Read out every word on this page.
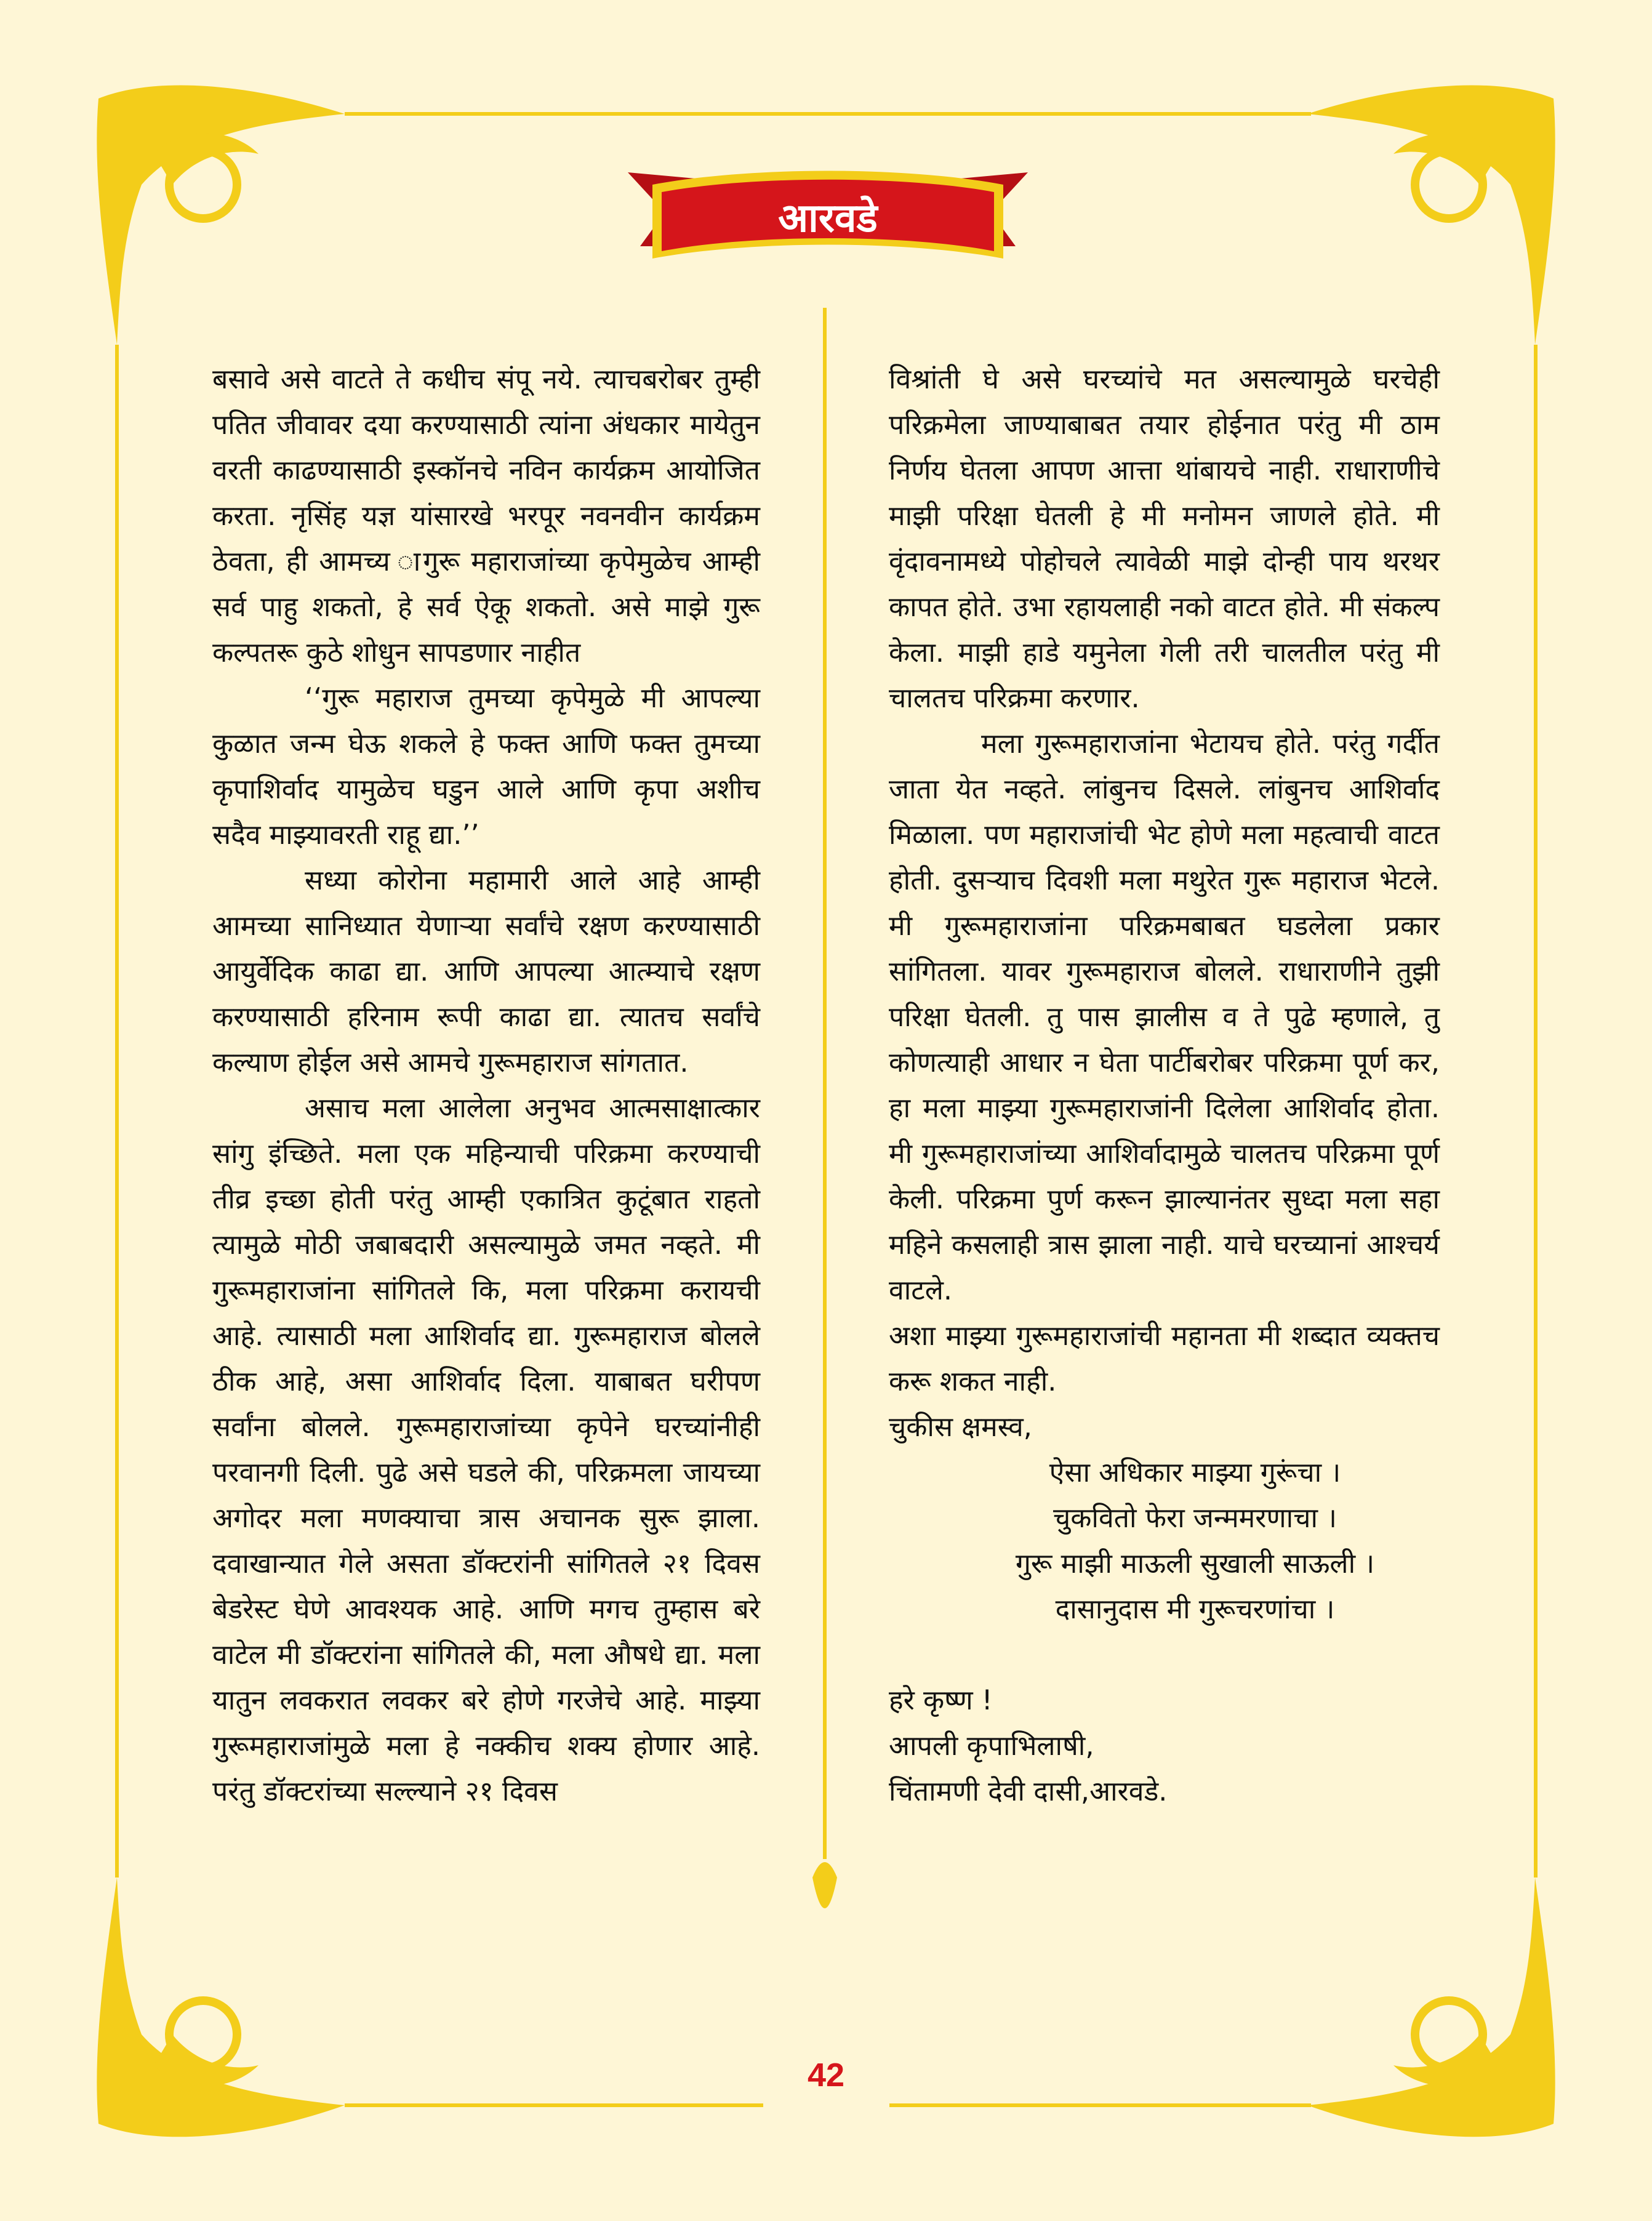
आरवडे

बसावे असे वाटते ते कधीच संपू नये. त्याचबरोबर तुम्ही पतित जीवावर दया करण्यासाठी त्यांना अंधकार मायेतुन वरती काढण्यासाठी इस्कॉनचे नविन कार्यक्रम आयोजित करता. नृसिंह यज्ञ यांसारखे भरपूर नवनवीन कार्यक्रम ठेवता, ही आमच्य ागुरू महाराजांच्या कृपेमुळेच आम्ही सर्व पाहु शकतो, हे सर्व ऐकू शकतो. असे माझे गुरू कल्पतरू कुठे शोधुन सापडणार नाहीत

‘‘गुरू महाराज तुमच्या कृपेमुळे मी आपल्या कुळात जन्म घेऊ शकले हे फक्त आणि फक्त तुमच्या कृपाशिर्वाद यामुळेच घडुन आले आणि कृपा अशीच सदैव माझ्यावरती राहू द्या.’’

सध्या कोरोना महामारी आले आहे आम्ही आमच्या सानिध्यात येणाऱ्या सर्वांचे रक्षण करण्यासाठी आयुर्वेदिक काढा द्या. आणि आपल्या आत्म्याचे रक्षण करण्यासाठी हरिनाम रूपी काढा द्या. त्यातच सर्वांचे कल्याण होईल असे आमचे गुरूमहाराज सांगतात.

असाच मला आलेला अनुभव आत्मसाक्षात्कार सांगु इंच्छिते. मला एक महिन्याची परिक्रमा करण्याची तीव्र इच्छा होती परंतु आम्ही एकात्रित कुटूंबात राहतो त्यामुळे मोठी जबाबदारी असल्यामुळे जमत नव्हते. मी गुरूमहाराजांना सांगितले कि, मला परिक्रमा करायची आहे. त्यासाठी मला आशिर्वाद द्या. गुरूमहाराज बोलले ठीक आहे, असा आशिर्वाद दिला. याबाबत घरीपण सर्वांना बोलले. गुरूमहाराजांच्या कृपेने घरच्यांनीही परवानगी दिली. पुढे असे घडले की, परिक्रमला जायच्या अगोदर मला मणक्याचा त्रास अचानक सुरू झाला. दवाखान्यात गेले असता डॉक्टरांनी सांगितले २१ दिवस बेडरेस्ट घेणे आवश्यक आहे. आणि मगच तुम्हास बरे वाटेल मी डॉक्टरांना सांगितले की, मला औषधे द्या. मला यातुन लवकरात लवकर बरे होणे गरजेचे आहे. माझ्या गुरूमहाराजांमुळे मला हे नक्कीच शक्य होणार आहे. परंतु डॉक्टरांच्या सल्ल्याने २१ दिवस

विश्रांती घे असे घरच्यांचे मत असल्यामुळे घरचेही परिक्रमेला जाण्याबाबत तयार होईनात परंतु मी ठाम निर्णय घेतला आपण आत्ता थांबायचे नाही. राधाराणीचे माझी परिक्षा घेतली हे मी मनोमन जाणले होते. मी वृंदावनामध्ये पोहोचले त्यावेळी माझे दोन्ही पाय थरथर कापत होते. उभा रहायलाही नको वाटत होते. मी संकल्प केला. माझी हाडे यमुनेला गेली तरी चालतील परंतु मी चालतच परिक्रमा करणार.

मला गुरूमहाराजांना भेटायच होते. परंतु गर्दीत जाता येत नव्हते. लांबुनच दिसले. लांबुनच आशिर्वाद मिळाला. पण महाराजांची भेट होणे मला महत्वाची वाटत होती. दुसऱ्याच दिवशी मला मथुरेत गुरू महाराज भेटले. मी गुरूमहाराजांना परिक्रमबाबत घडलेला प्रकार सांगितला. यावर गुरूमहाराज बोलले. राधाराणीने तुझी परिक्षा घेतली. तु पास झालीस व ते पुढे म्हणाले, तु कोणत्याही आधार न घेता पार्टीबरोबर परिक्रमा पूर्ण कर, हा मला माझ्या गुरूमहाराजांनी दिलेला आशिर्वाद होता. मी गुरूमहाराजांच्या आशिर्वादामुळे चालतच परिक्रमा पूर्ण केली. परिक्रमा पुर्ण करून झाल्यानंतर सुध्दा मला सहा महिने कसलाही त्रास झाला नाही. याचे घरच्यानां आश्चर्य वाटले.

अशा माझ्या गुरूमहाराजांची महानता मी शब्दात व्यक्तच करू शकत नाही.

चुकीस क्षमस्व,

ऐसा अधिकार माझ्या गुरूंचा ।

चुकवितो फेरा जन्ममरणाचा ।

गुरू माझी माऊली सुखाली साऊली ।

दासानुदास मी गुरूचरणांचा ।

हरे कृष्ण !

आपली कृपाभिलाषी,

चिंतामणी देवी दासी,आरवडे.

42
